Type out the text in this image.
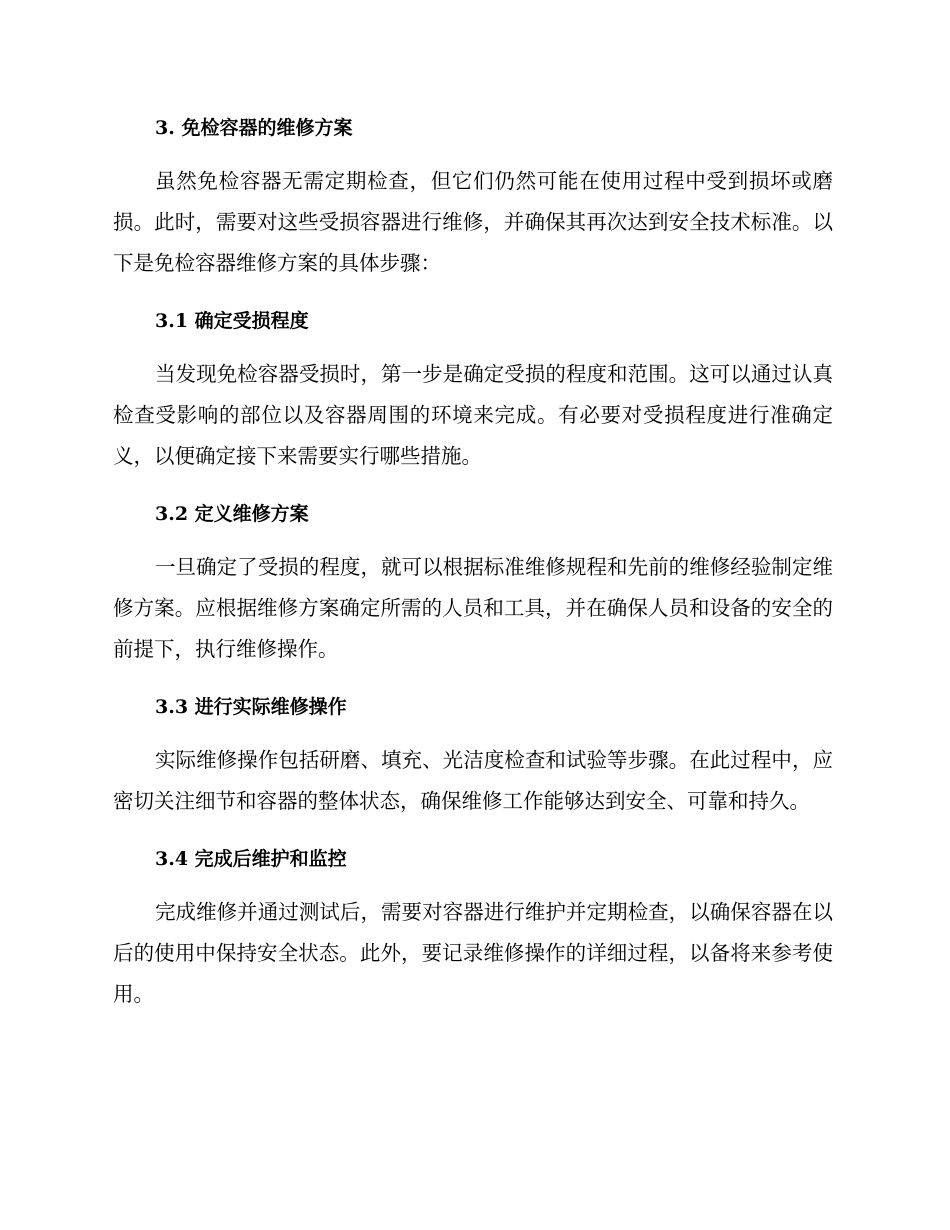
3. 免检容器的维修方案

虽然免检容器无需定期检查，但它们仍然可能在使用过程中受到损坏或磨损。此时，需要对这些受损容器进行维修，并确保其再次达到安全技术标准。以下是免检容器维修方案的具体步骤：

3.1 确定受损程度

当发现免检容器受损时，第一步是确定受损的程度和范围。这可以通过认真检查受影响的部位以及容器周围的环境来完成。有必要对受损程度进行准确定义，以便确定接下来需要实行哪些措施。

3.2 定义维修方案

一旦确定了受损的程度，就可以根据标准维修规程和先前的维修经验制定维修方案。应根据维修方案确定所需的人员和工具，并在确保人员和设备的安全的前提下，执行维修操作。

3.3 进行实际维修操作

实际维修操作包括研磨、填充、光洁度检查和试验等步骤。在此过程中，应密切关注细节和容器的整体状态，确保维修工作能够达到安全、可靠和持久。

3.4 完成后维护和监控

完成维修并通过测试后，需要对容器进行维护并定期检查，以确保容器在以后的使用中保持安全状态。此外，要记录维修操作的详细过程，以备将来参考使用。
